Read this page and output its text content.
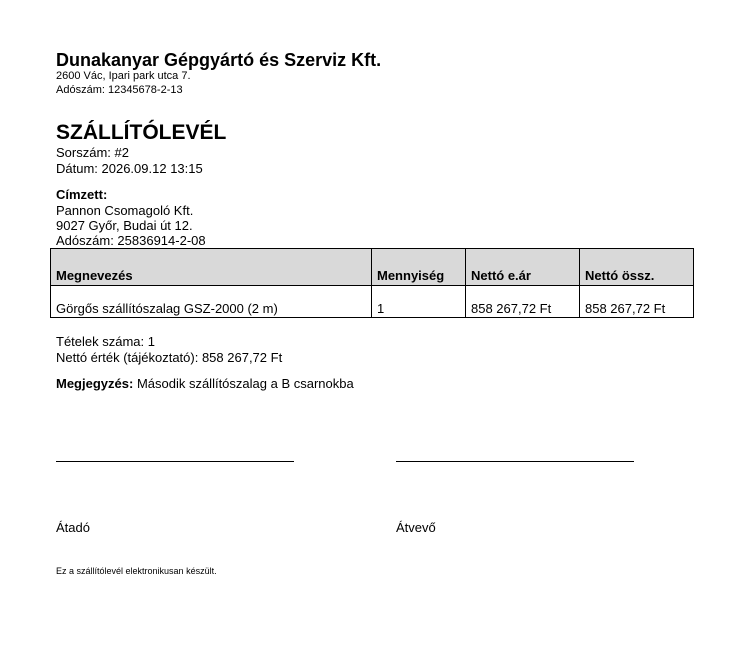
Dunakanyar Gépgyártó és Szerviz Kft.
2600 Vác, Ipari park utca 7.
Adószám: 12345678-2-13
SZÁLLÍTÓLEVÉL
Sorszám: #2
Dátum: 2026.09.12 13:15
Címzett:
Pannon Csomagoló Kft.
9027 Győr, Budai út 12.
Adószám: 25836914-2-08
Megnevezés	Mennyiség	Nettó e.ár	Nettó össz.
Görgős szállítószalag GSZ-2000 (2 m)	1	858 267,72 Ft	858 267,72 Ft
Tételek száma: 1
Nettó érték (tájékoztató): 858 267,72 Ft
Megjegyzés: Második szállítószalag a B csarnokba
Átadó	Átvevő
Ez a szállítólevél elektronikusan készült.
